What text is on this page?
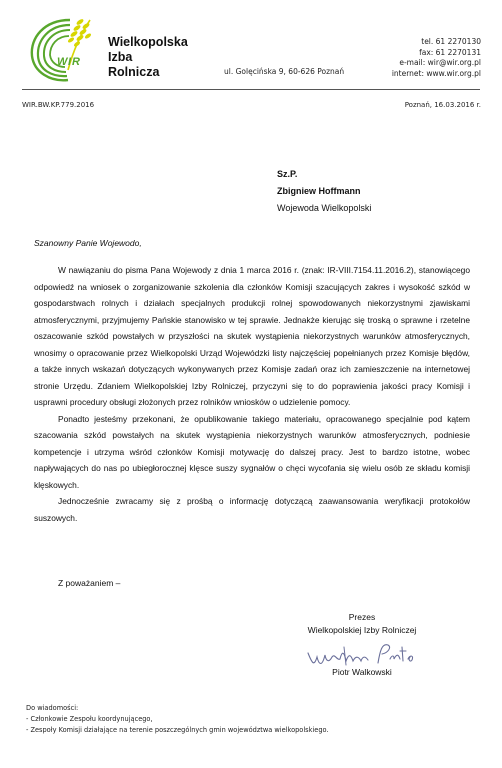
W I R
Wielkopolska
Izba
Rolnicza	ul. Golęcińska 9, 60-626 Poznań
tel. 61 2270130
fax: 61 2270131
e-mail: wir@wir.org.pl
internet: www.wir.org.pl
WIR.BW.KP.779.2016	Poznań, 16.03.2016 r.
Sz.P.
Zbigniew Hoffmann
Wojewoda Wielkopolski
Szanowny Panie Wojewodo,

W nawiązaniu do pisma Pana Wojewody z dnia 1 marca 2016 r. (znak: IR-VIII.7154.11.2016.2), stanowiącego odpowiedź na wniosek o zorganizowanie szkolenia dla członków Komisji szacujących zakres i wysokość szkód w gospodarstwach rolnych i działach specjalnych produkcji rolnej spowodowanych niekorzystnymi zjawiskami atmosferycznymi, przyjmujemy Pańskie stanowisko w tej sprawie. Jednakże kierując się troską o sprawne i rzetelne oszacowanie szkód powstałych w przyszłości na skutek wystąpienia niekorzystnych warunków atmosferycznych, wnosimy o opracowanie przez Wielkopolski Urząd Wojewódzki listy najczęściej popełnianych przez Komisje błędów, a także innych wskazań dotyczących wykonywanych przez Komisje zadań oraz ich zamieszczenie na internetowej stronie Urzędu. Zdaniem Wielkopolskiej Izby Rolniczej, przyczyni się to do poprawienia jakości pracy Komisji i usprawni procedury obsługi złożonych przez rolników wniosków o udzielenie pomocy.

Ponadto jesteśmy przekonani, że opublikowanie takiego materiału, opracowanego specjalnie pod kątem szacowania szkód powstałych na skutek wystąpienia niekorzystnych warunków atmosferycznych, podniesie kompetencje i utrzyma wśród członków Komisji motywację do dalszej pracy. Jest to bardzo istotne, wobec napływających do nas po ubiegłorocznej klęsce suszy sygnałów o chęci wycofania się wielu osób ze składu komisji klęskowych.

Jednocześnie zwracamy się z prośbą o informację dotyczącą zaawansowania weryfikacji protokołów suszowych.

Z poważaniem –
Prezes
Wielkopolskiej Izby Rolniczej
Piotr Walkowski
Do wiadomości:
- Członkowie Zespołu koordynującego,
- Zespoły Komisji działające na terenie poszczególnych gmin województwa wielkopolskiego.
